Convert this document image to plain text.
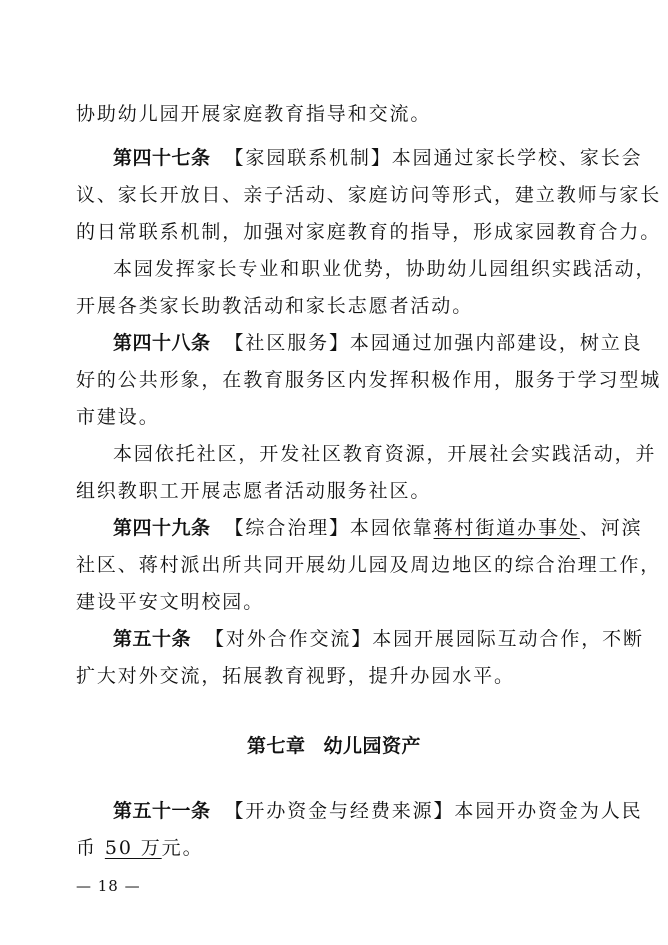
协助幼儿园开展家庭教育指导和交流。
第四十七条 【家园联系机制】本园通过家长学校、家长会
议、家长开放日、亲子活动、家庭访问等形式，建立教师与家长
的日常联系机制，加强对家庭教育的指导，形成家园教育合力。
本园发挥家长专业和职业优势，协助幼儿园组织实践活动，
开展各类家长助教活动和家长志愿者活动。
第四十八条 【社区服务】本园通过加强内部建设，树立良
好的公共形象，在教育服务区内发挥积极作用，服务于学习型城
市建设。
本园依托社区，开发社区教育资源，开展社会实践活动，并
组织教职工开展志愿者活动服务社区。
第四十九条 【综合治理】本园依靠蒋村街道办事处、河滨
社区、蒋村派出所共同开展幼儿园及周边地区的综合治理工作，
建设平安文明校园。
第五十条 【对外合作交流】本园开展园际互动合作，不断
扩大对外交流，拓展教育视野，提升办园水平。
第七章 幼儿园资产
第五十一条 【开办资金与经费来源】本园开办资金为人民
币 50 万元。
— 18 —
